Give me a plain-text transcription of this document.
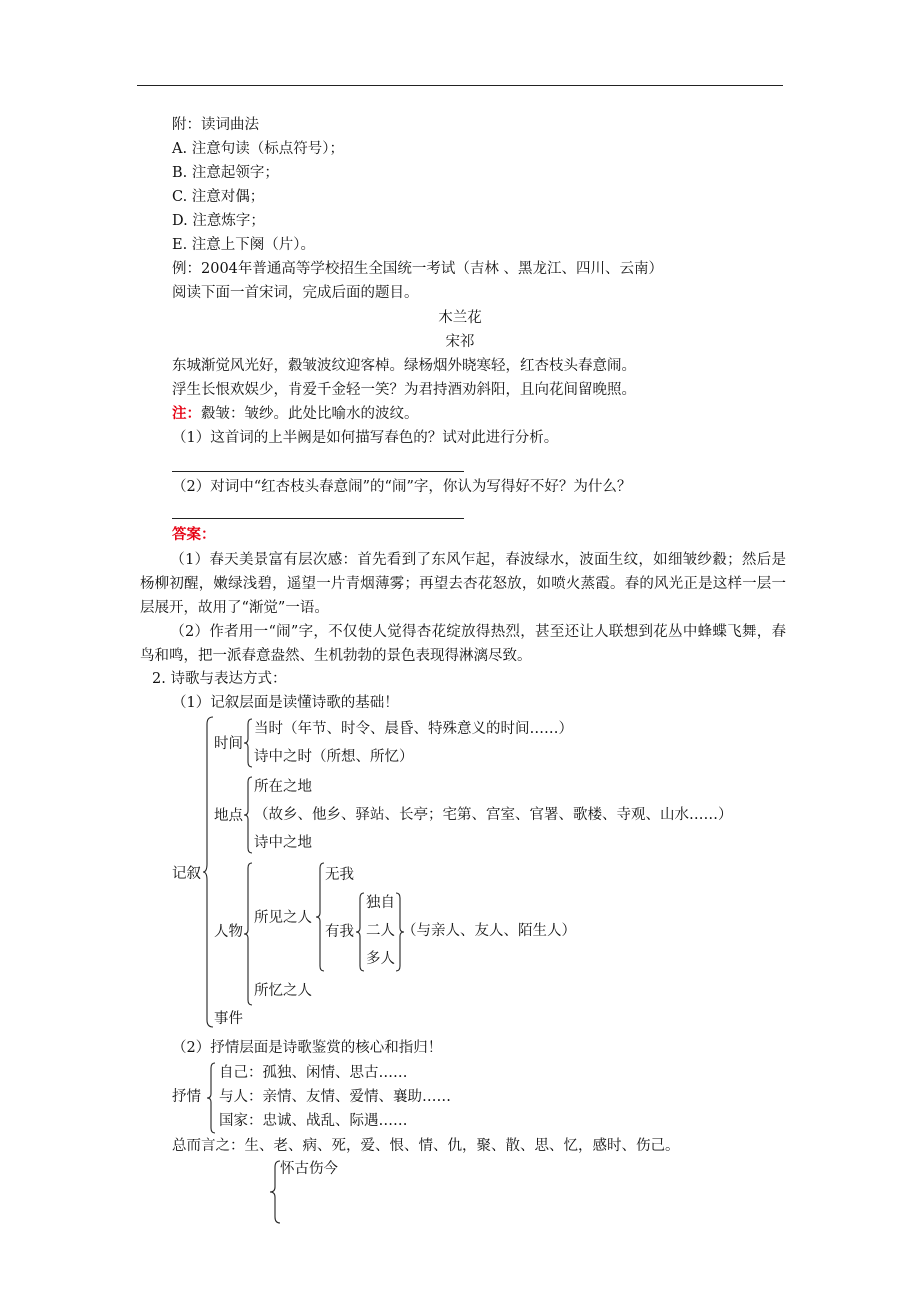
附：读词曲法
A. 注意句读（标点符号）；
B. 注意起领字；
C. 注意对偶；
D. 注意炼字；
E. 注意上下阕（片）。
例：2004年普通高等学校招生全国统一考试（吉林 、黑龙江、四川、云南）
阅读下面一首宋词，完成后面的题目。
木兰花
宋祁
东城渐觉风光好，縠皱波纹迎客棹。绿杨烟外晓寒轻，红杏枝头春意闹。
浮生长恨欢娱少，肯爱千金轻一笑？为君持酒劝斜阳，且向花间留晚照。
注：縠皱：皱纱。此处比喻水的波纹。
（1）这首词的上半阙是如何描写春色的？试对此进行分析。
（2）对词中“红杏枝头春意闹”的“闹”字，你认为写得好不好？为什么？
答案：
（1）春天美景富有层次感：首先看到了东风乍起，春波绿水，波面生纹，如细皱纱縠；然后是杨柳初醒，嫩绿浅碧，遥望一片青烟薄雾；再望去杏花怒放，如喷火蒸霞。春的风光正是这样一层一层展开，故用了“渐觉”一语。
（2）作者用一“闹”字，不仅使人觉得杏花绽放得热烈，甚至还让人联想到花丛中蜂蝶飞舞，春鸟和鸣，把一派春意盎然、生机勃勃的景色表现得淋漓尽致。
2. 诗歌与表达方式：
（1）记叙层面是读懂诗歌的基础！
记叙
时间
当时（年节、时令、晨昏、特殊意义的时间……）
诗中之时（所想、所忆）
地点
所在之地
（故乡、他乡、驿站、长亭；宅第、宫室、官署、歌楼、寺观、山水……）
诗中之地
人物
所见之人
无我
有我
独自
二人
多人
（与亲人、友人、陌生人）
所忆之人
事件
（2）抒情层面是诗歌鉴赏的核心和指归！
抒情
自己：孤独、闲情、思古……
与人：亲情、友情、爱情、襄助……
国家：忠诚、战乱、际遇……
总而言之：生、老、病、死，爱、恨、情、仇，聚、散、思、忆，感时、伤己。
怀古伤今
